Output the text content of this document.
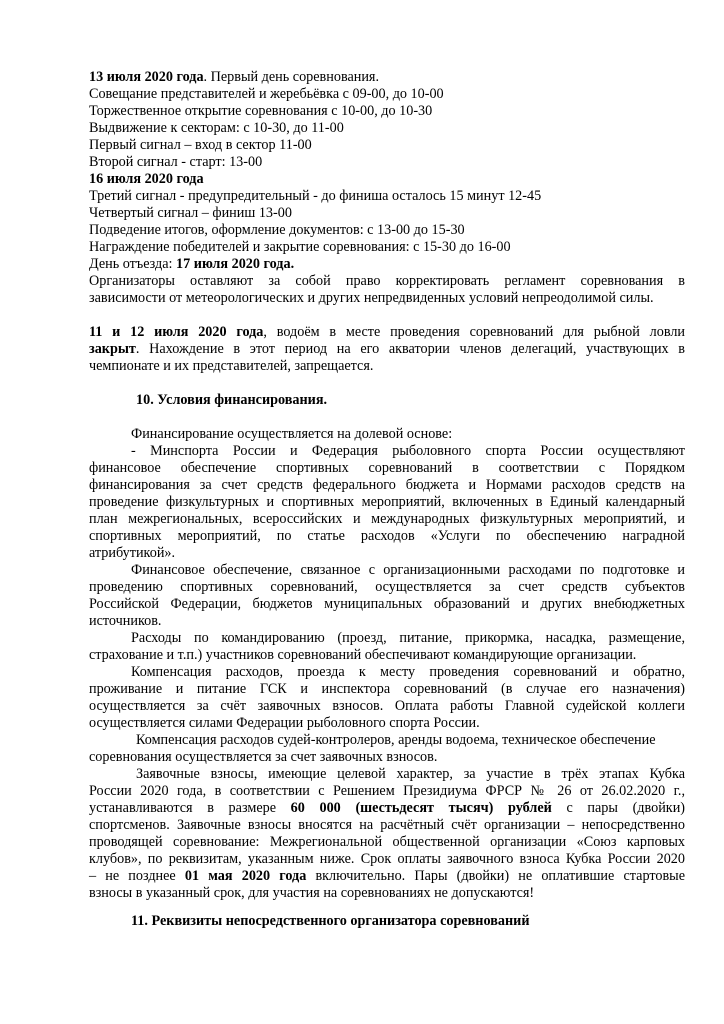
13 июля 2020 года. Первый день соревнования.
Совещание представителей и жеребьёвка с 09-00, до 10-00
Торжественное открытие соревнования с 10-00, до 10-30
Выдвижение к секторам: с 10-30, до 11-00
Первый сигнал – вход в сектор 11-00
Второй сигнал - старт: 13-00
16 июля 2020 года
Третий сигнал - предупредительный - до финиша осталось 15 минут 12-45
Четвертый сигнал – финиш 13-00
Подведение итогов, оформление документов: с 13-00 до 15-30
Награждение победителей и закрытие соревнования: с 15-30 до 16-00
День отъезда: 17 июля 2020 года.
Организаторы оставляют за собой право корректировать регламент соревнования в
зависимости от метеорологических и других непредвиденных условий непреодолимой силы.
11 и 12 июля 2020 года, водоём в месте проведения соревнований для рыбной ловли
закрыт. Нахождение в этот период на его акватории членов делегаций, участвующих в
чемпионате и их представителей, запрещается.
10. Условия финансирования.
Финансирование осуществляется на долевой основе:
- Минспорта России и Федерация рыболовного спорта России осуществляют
финансовое обеспечение спортивных соревнований в соответствии с Порядком
финансирования за счет средств федерального бюджета и Нормами расходов средств на
проведение физкультурных и спортивных мероприятий, включенных в Единый календарный
план межрегиональных, всероссийских и международных физкультурных мероприятий, и
спортивных мероприятий, по статье расходов «Услуги по обеспечению наградной
атрибутикой».
Финансовое обеспечение, связанное с организационными расходами по подготовке и
проведению спортивных соревнований, осуществляется за счет средств субъектов
Российской Федерации, бюджетов муниципальных образований и других внебюджетных
источников.
Расходы по командированию (проезд, питание, прикормка, насадка, размещение,
страхование и т.п.) участников соревнований обеспечивают командирующие организации.
Компенсация расходов, проезда к месту проведения соревнований и обратно,
проживание и питание ГСК и инспектора соревнований (в случае его назначения)
осуществляется за счёт заявочных взносов. Оплата работы Главной судейской коллеги
осуществляется силами Федерации рыболовного спорта России.
Компенсация расходов судей-контролеров, аренды водоема, техническое обеспечение
соревнования осуществляется за счет заявочных взносов.
Заявочные взносы, имеющие целевой характер, за участие в трёх этапах Кубка
России 2020 года, в соответствии с Решением Президиума ФРСР № 26 от 26.02.2020 г.,
устанавливаются в размере 60 000 (шестьдесят тысяч) рублей с пары (двойки)
спортсменов. Заявочные взносы вносятся на расчётный счёт организации – непосредственно
проводящей соревнование: Межрегиональной общественной организации «Союз карповых
клубов», по реквизитам, указанным ниже. Срок оплаты заявочного взноса Кубка России 2020
– не позднее 01 мая 2020 года включительно. Пары (двойки) не оплатившие стартовые
взносы в указанный срок, для участия на соревнованиях не допускаются!
11. Реквизиты непосредственного организатора соревнований
